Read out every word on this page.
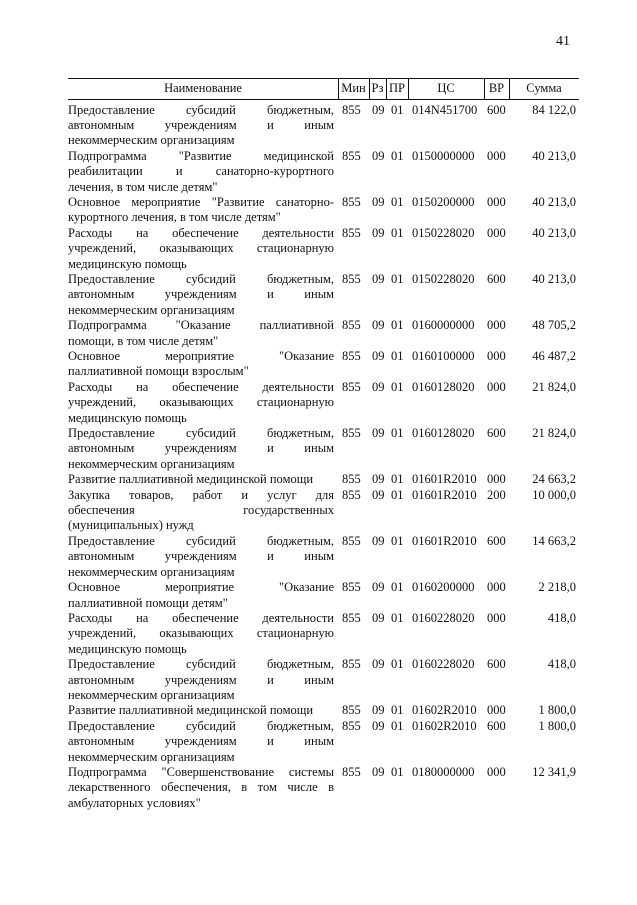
41
Наименование	Мин Рз ПР	ЦС	ВР	Сумма
Предоставление субсидий бюджетным,
автономным учреждениям и иным
некоммерческим организациям
855 09 01 014N451700 600 84 122,0
Подпрограмма "Развитие медицинской
реабилитации и санаторно-курортного
лечения, в том числе детям"
855 09 01 0150000000 000 40 213,0
Основное мероприятие "Развитие санаторно-
курортного лечения, в том числе детям"
855 09 01 0150200000 000 40 213,0
Расходы на обеспечение деятельности
учреждений, оказывающих стационарную
медицинскую помощь
855 09 01 0150228020 000 40 213,0
Предоставление субсидий бюджетным,
автономным учреждениям и иным
некоммерческим организациям
855 09 01 0150228020 600 40 213,0
Подпрограмма "Оказание паллиативной
помощи, в том числе детям"
855 09 01 0160000000 000 48 705,2
Основное мероприятие "Оказание
паллиативной помощи взрослым"
855 09 01 0160100000 000 46 487,2
Расходы на обеспечение деятельности
учреждений, оказывающих стационарную
медицинскую помощь
855 09 01 0160128020 000 21 824,0
Предоставление субсидий бюджетным,
автономным учреждениям и иным
некоммерческим организациям
855 09 01 0160128020 600 21 824,0
Развитие паллиативной медицинской помощи	855 09 01 01601R2010 000 24 663,2
Закупка товаров, работ и услуг для
обеспечения государственных
(муниципальных) нужд
855 09 01 01601R2010 200 10 000,0
Предоставление субсидий бюджетным,
автономным учреждениям и иным
некоммерческим организациям
855 09 01 01601R2010 600 14 663,2
Основное мероприятие "Оказание
паллиативной помощи детям"
855 09 01 0160200000 000	2 218,0
Расходы на обеспечение деятельности
учреждений, оказывающих стационарную
медицинскую помощь
855 09 01 0160228020 000	418,0
Предоставление субсидий бюджетным,
автономным учреждениям и иным
некоммерческим организациям
855 09 01 0160228020 600	418,0
Развитие паллиативной медицинской помощи	855 09 01 01602R2010 000	1 800,0
Предоставление субсидий бюджетным,
автономным учреждениям и иным
некоммерческим организациям
855 09 01 01602R2010 600	1 800,0
Подпрограмма "Совершенствование системы
лекарственного обеспечения, в том числе в
амбулаторных условиях"
855 09 01 0180000000 000 12 341,9
